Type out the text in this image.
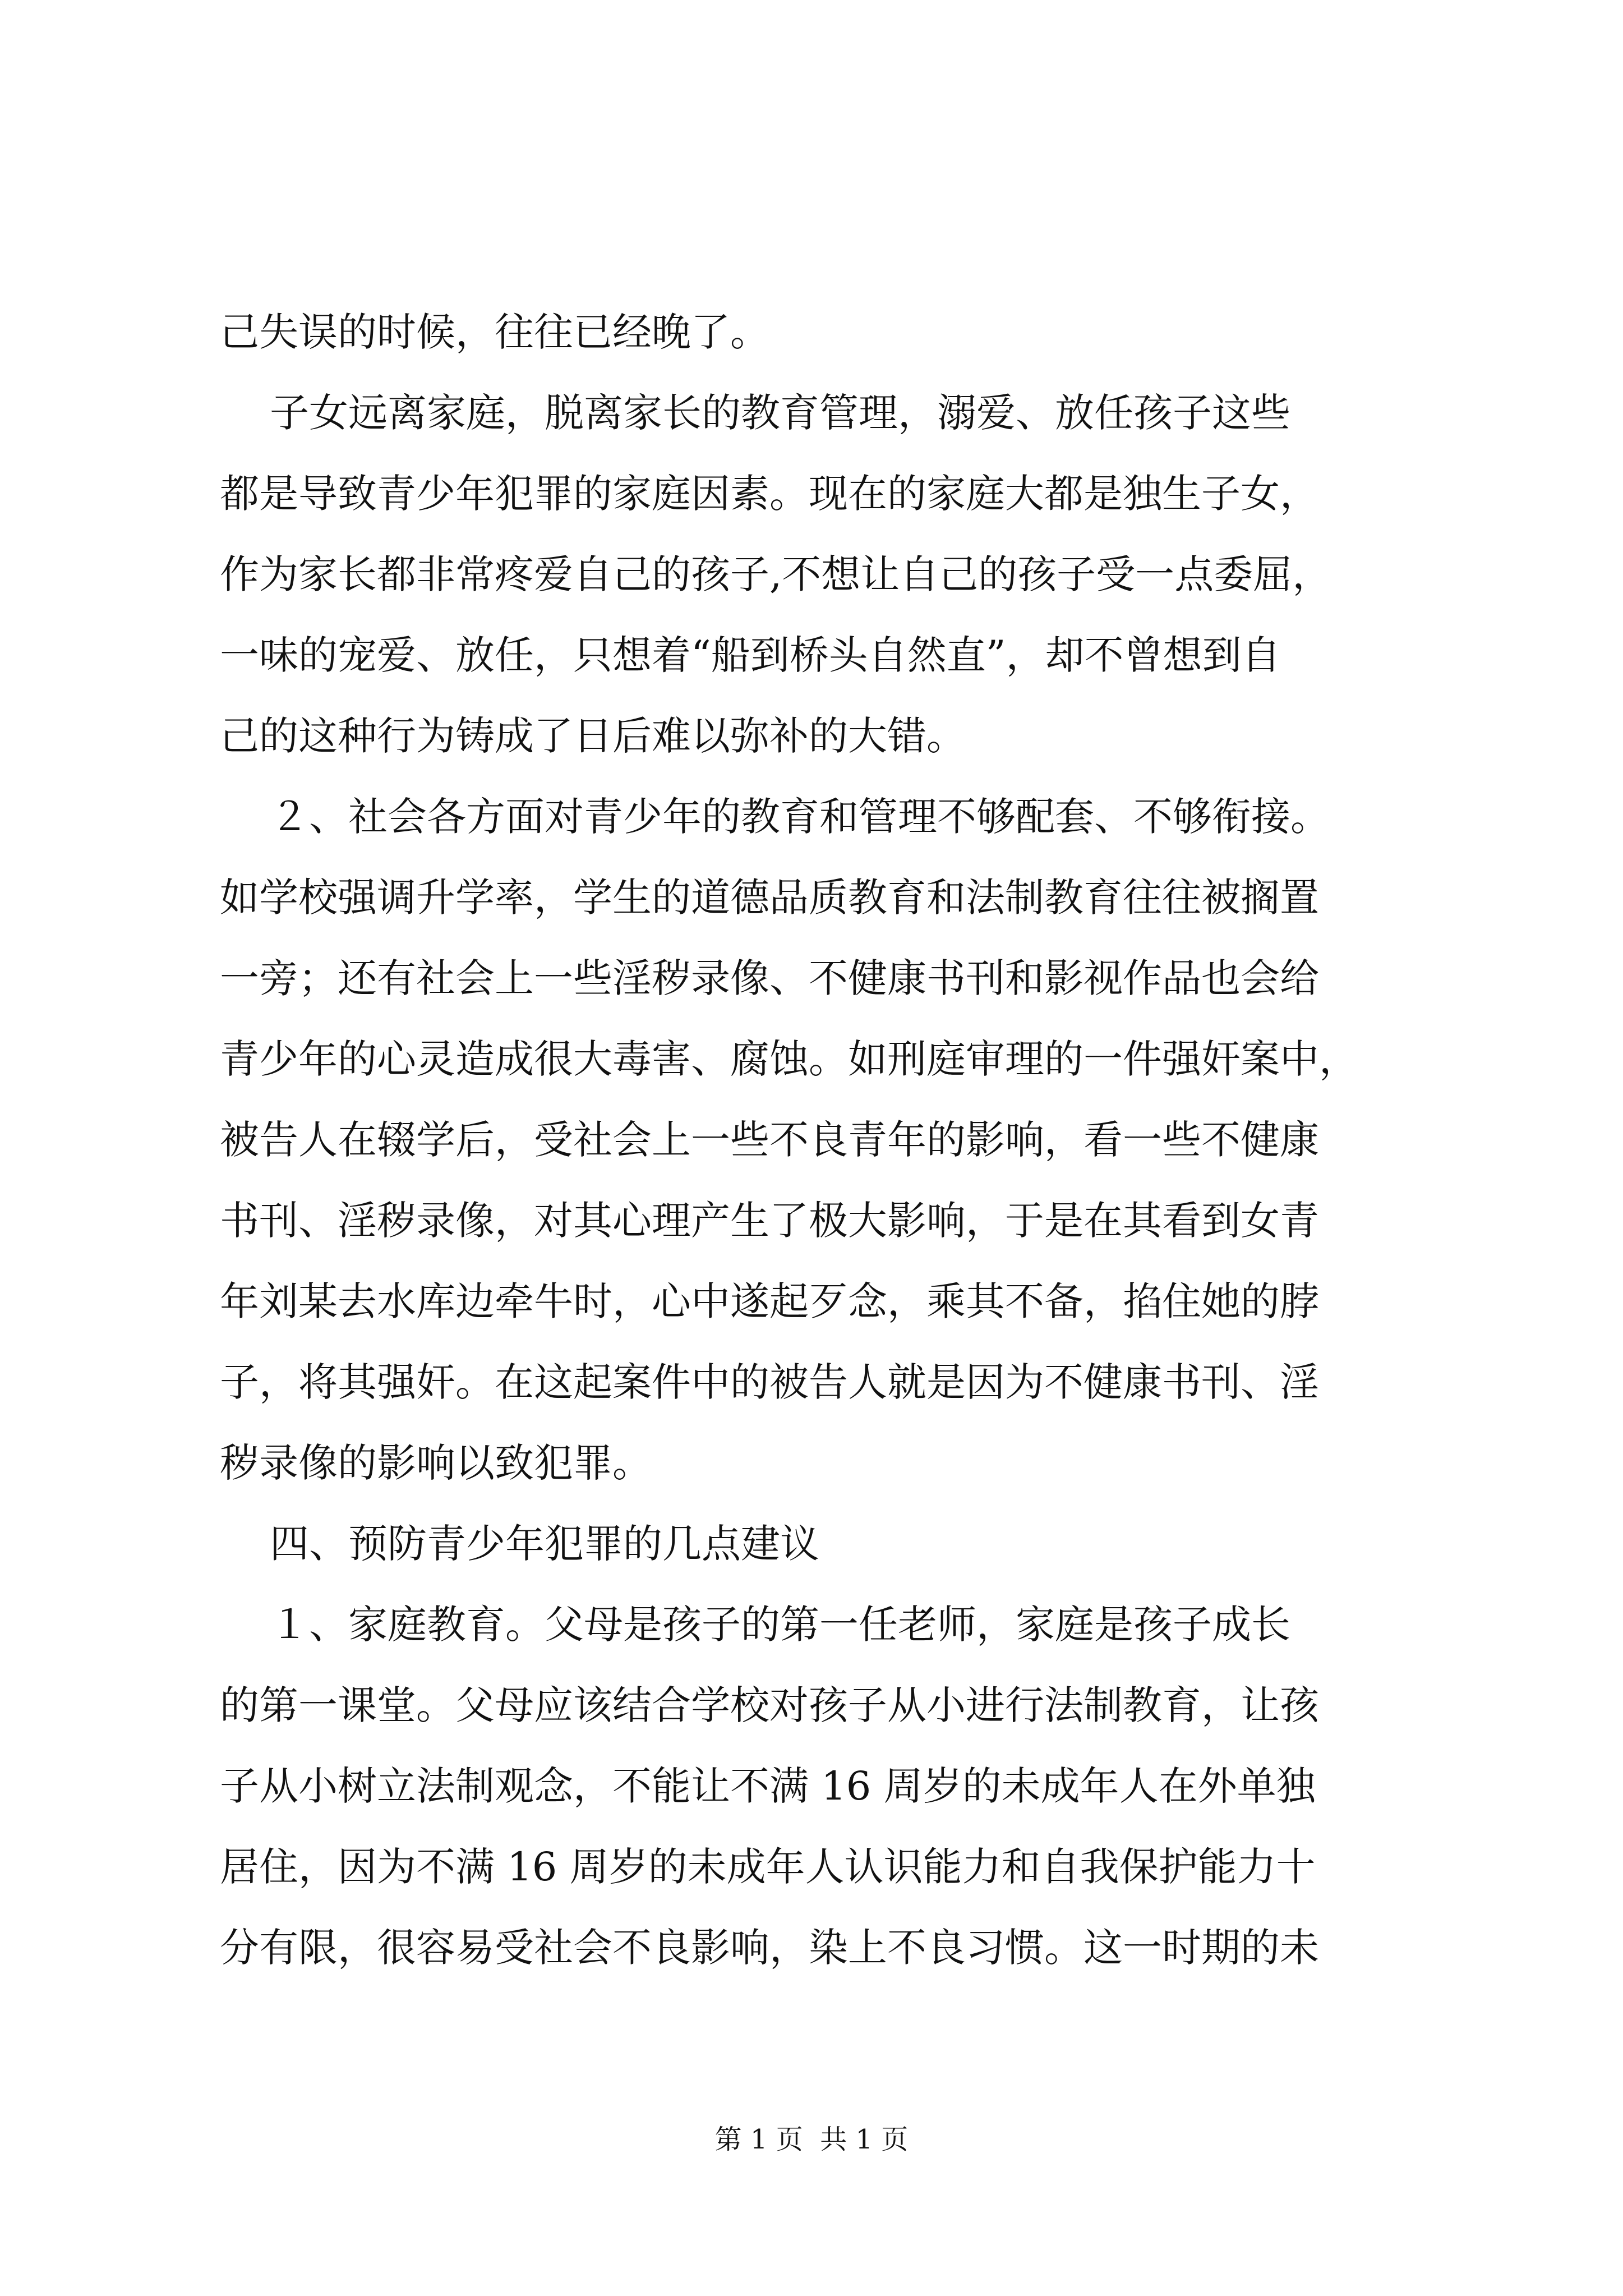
己失误的时候，往往已经晚了。
子女远离家庭，脱离家长的教育管理，溺爱、放任孩子这些
都是导致青少年犯罪的家庭因素。现在的家庭大都是独生子女，
作为家长都非常疼爱自己的孩子,不想让自己的孩子受一点委屈，
一味的宠爱、放任，只想着“船到桥头自然直”，却不曾想到自
己的这种行为铸成了日后难以弥补的大错。
２、社会各方面对青少年的教育和管理不够配套、不够衔接。
如学校强调升学率，学生的道德品质教育和法制教育往往被搁置
一旁；还有社会上一些淫秽录像、不健康书刊和影视作品也会给
青少年的心灵造成很大毒害、腐蚀。如刑庭审理的一件强奸案中，
被告人在辍学后，受社会上一些不良青年的影响，看一些不健康
书刊、淫秽录像，对其心理产生了极大影响，于是在其看到女青
年刘某去水库边牵牛时，心中遂起歹念，乘其不备，掐住她的脖
子，将其强奸。在这起案件中的被告人就是因为不健康书刊、淫
秽录像的影响以致犯罪。
四、预防青少年犯罪的几点建议
１、家庭教育。父母是孩子的第一任老师，家庭是孩子成长
的第一课堂。父母应该结合学校对孩子从小进行法制教育，让孩
子从小树立法制观念，不能让不满 16 周岁的未成年人在外单独
居住，因为不满 16 周岁的未成年人认识能力和自我保护能力十
分有限，很容易受社会不良影响，染上不良习惯。这一时期的未
第 1 页  共 1 页
